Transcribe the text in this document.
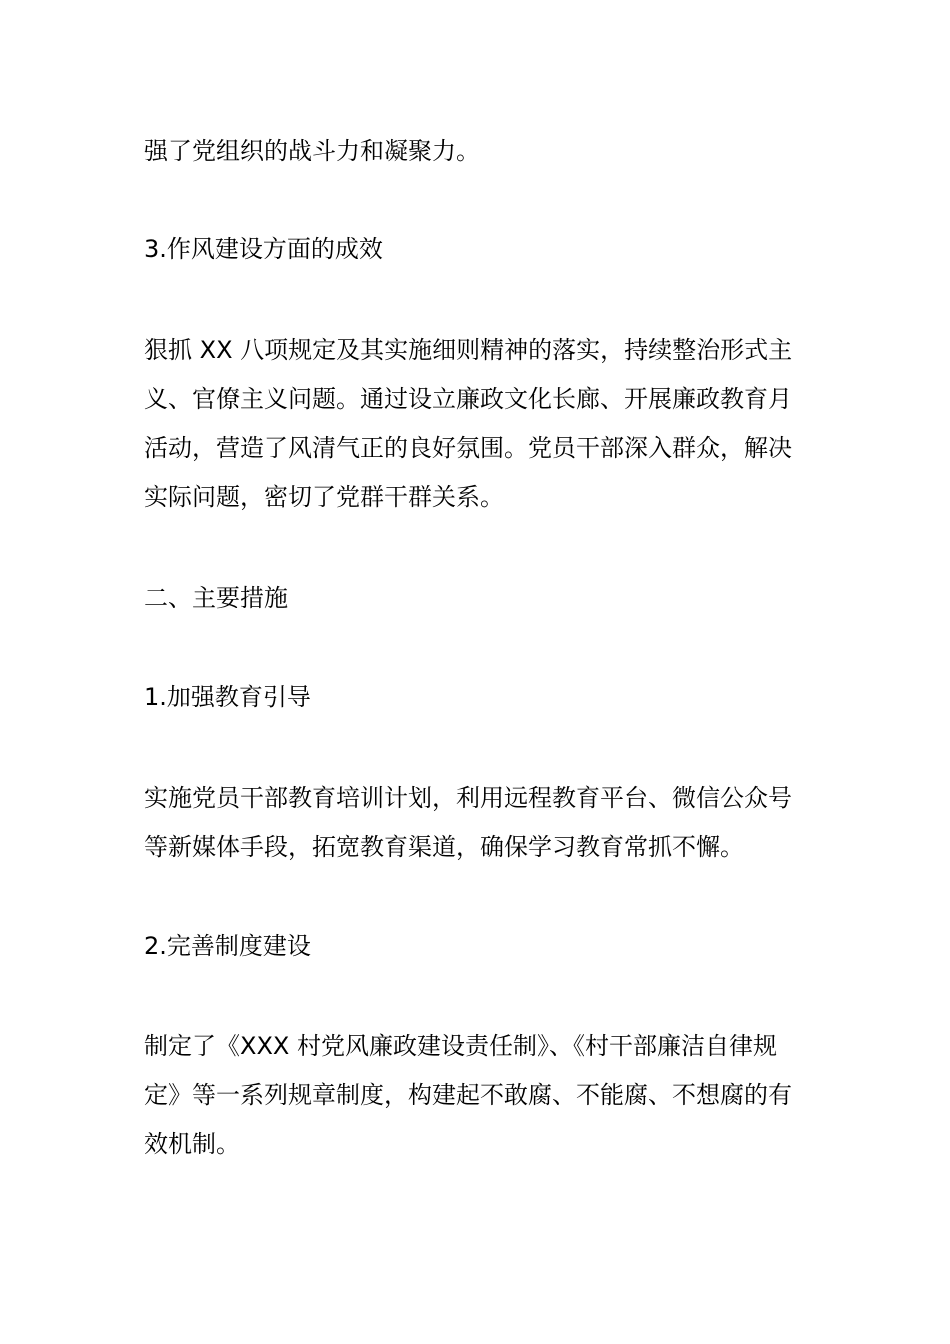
强了党组织的战斗力和凝聚力。

3.作风建设方面的成效

狠抓 XX 八项规定及其实施细则精神的落实，持续整治形式主
义、官僚主义问题。通过设立廉政文化长廊、开展廉政教育月
活动，营造了风清气正的良好氛围。党员干部深入群众，解决
实际问题，密切了党群干群关系。

二、主要措施

1.加强教育引导

实施党员干部教育培训计划，利用远程教育平台、微信公众号
等新媒体手段，拓宽教育渠道，确保学习教育常抓不懈。

2.完善制度建设

制定了《XXX 村党风廉政建设责任制》、《村干部廉洁自律规
定》等一系列规章制度，构建起不敢腐、不能腐、不想腐的有
效机制。
